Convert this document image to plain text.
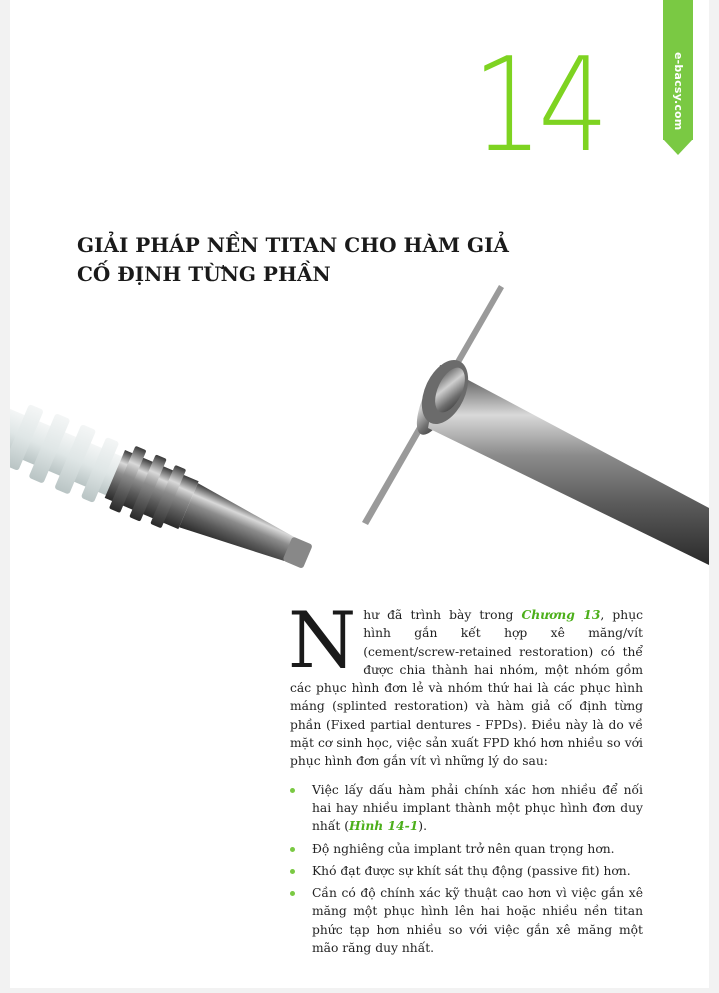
e-bacsy.com
14
GIẢI PHÁP NỀN TITAN CHO HÀM GIẢ
CỐ ĐỊNH TỪNG PHẦN

Như đã trình bày trong Chương 13, phục hình gắn kết hợp xê măng/vít (cement/screw-retained restoration) có thể được chia thành hai nhóm, một nhóm gồm các phục hình đơn lẻ và nhóm thứ hai là các phục hình máng (splinted restoration) và hàm giả cố định từng phần (Fixed partial dentures - FPDs). Điều này là do về mặt cơ sinh học, việc sản xuất FPD khó hơn nhiều so với phục hình đơn gắn vít vì những lý do sau:

Việc lấy dấu hàm phải chính xác hơn nhiều để nối hai hay nhiều implant thành một phục hình đơn duy nhất (Hình 14-1).
Độ nghiêng của implant trở nên quan trọng hơn.
Khó đạt được sự khít sát thụ động (passive fit) hơn.
Cần có độ chính xác kỹ thuật cao hơn vì việc gắn xê măng một phục hình lên hai hoặc nhiều nền titan phức tạp hơn nhiều so với việc gắn xê măng một mão răng duy nhất.
